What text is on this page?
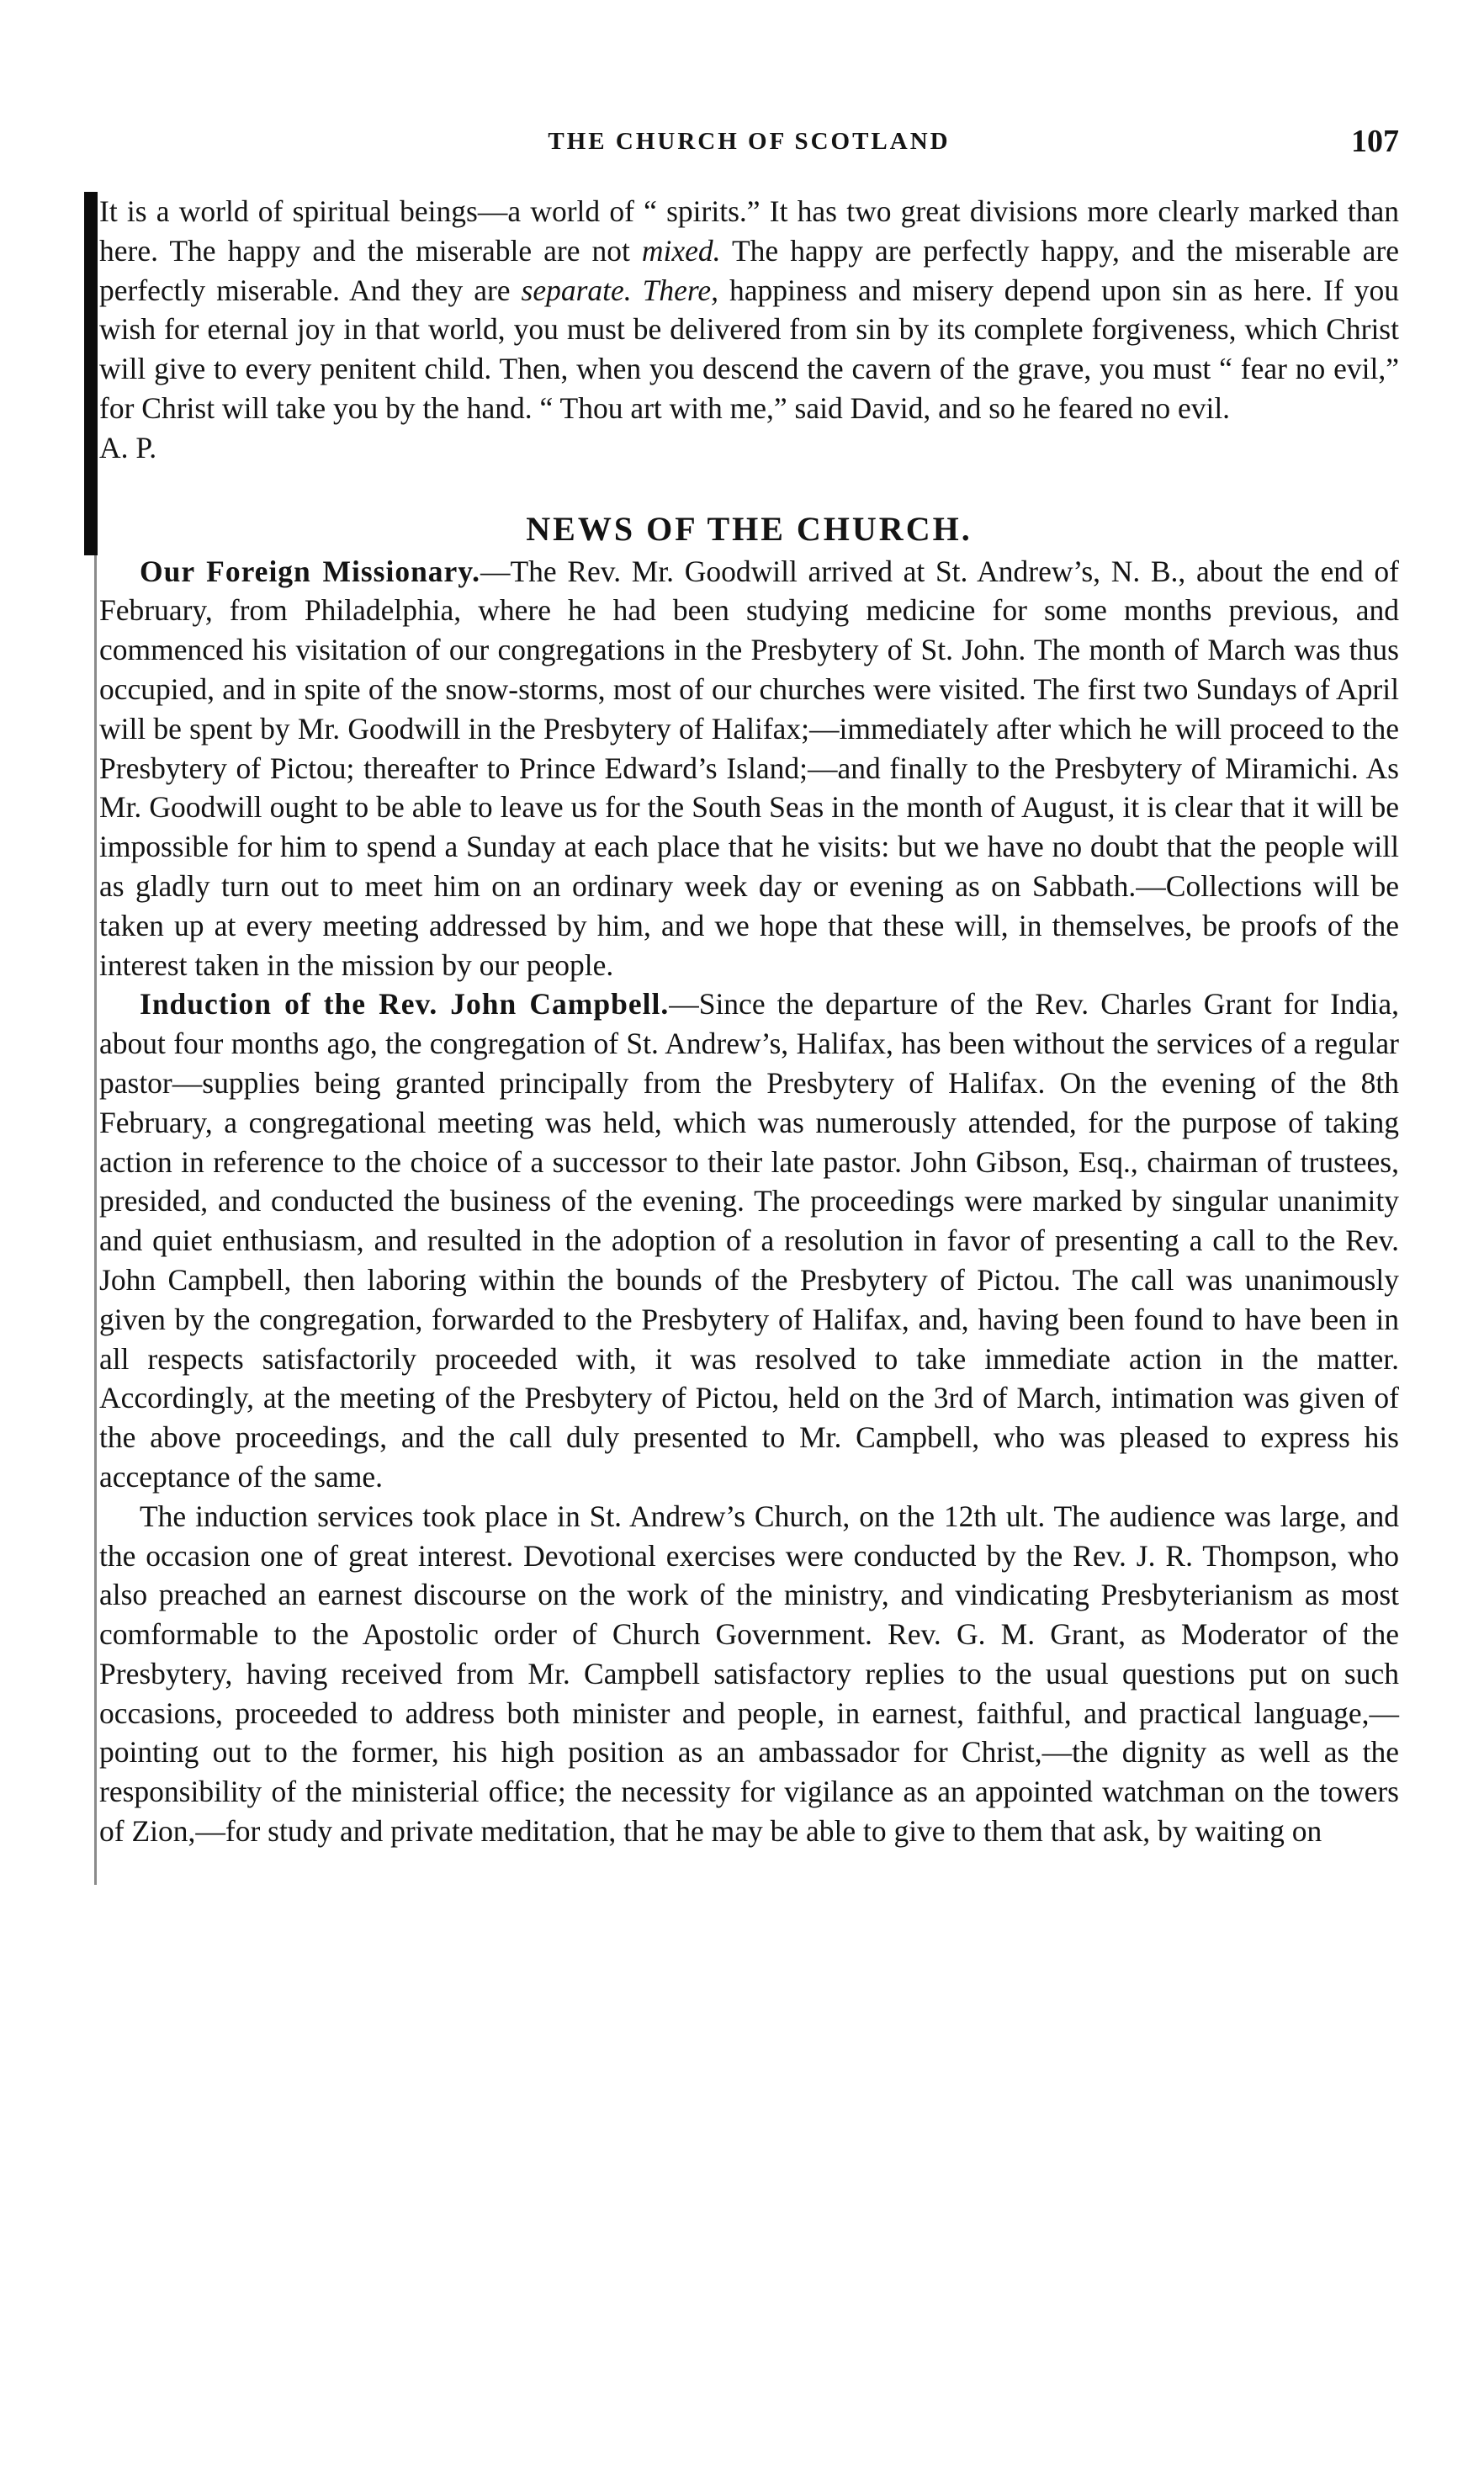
THE CHURCH OF SCOTLAND	107

It is a world of spiritual beings—a world of “ spirits.” It has two great divisions more clearly marked than here. The happy and the miserable are not mixed. The happy are perfectly happy, and the miserable are perfectly miserable. And they are separate. There, happiness and misery depend upon sin as here. If you wish for eternal joy in that world, you must be delivered from sin by its complete forgiveness, which Christ will give to every penitent child. Then, when you descend the cavern of the grave, you must “ fear no evil,” for Christ will take you by the hand. “ Thou art with me,” said David, and so he feared no evil.

A. P.

NEWS OF THE CHURCH.

Our Foreign Missionary.—The Rev. Mr. Goodwill arrived at St. Andrew’s, N. B., about the end of February, from Philadelphia, where he had been studying medicine for some months previous, and commenced his visitation of our congregations in the Presbytery of St. John. The month of March was thus occupied, and in spite of the snow-storms, most of our churches were visited. The first two Sundays of April will be spent by Mr. Goodwill in the Presbytery of Halifax;—immediately after which he will proceed to the Presbytery of Pictou; thereafter to Prince Edward’s Island;—and finally to the Presbytery of Miramichi. As Mr. Goodwill ought to be able to leave us for the South Seas in the month of August, it is clear that it will be impossible for him to spend a Sunday at each place that he visits: but we have no doubt that the people will as gladly turn out to meet him on an ordinary week day or evening as on Sabbath.—Collections will be taken up at every meeting addressed by him, and we hope that these will, in themselves, be proofs of the interest taken in the mission by our people.

Induction of the Rev. John Campbell.—Since the departure of the Rev. Charles Grant for India, about four months ago, the congregation of St. Andrew’s, Halifax, has been without the services of a regular pastor—supplies being granted principally from the Presbytery of Halifax. On the evening of the 8th February, a congregational meeting was held, which was numerously attended, for the purpose of taking action in reference to the choice of a successor to their late pastor. John Gibson, Esq., chairman of trustees, presided, and conducted the business of the evening. The proceedings were marked by singular unanimity and quiet enthusiasm, and resulted in the adoption of a resolution in favor of presenting a call to the Rev. John Campbell, then laboring within the bounds of the Presbytery of Pictou. The call was unanimously given by the congregation, forwarded to the Presbytery of Halifax, and, having been found to have been in all respects satisfactorily proceeded with, it was resolved to take immediate action in the matter. Accordingly, at the meeting of the Presbytery of Pictou, held on the 3rd of March, intimation was given of the above proceedings, and the call duly presented to Mr. Campbell, who was pleased to express his acceptance of the same.

The induction services took place in St. Andrew’s Church, on the 12th ult. The audience was large, and the occasion one of great interest. Devotional exercises were conducted by the Rev. J. R. Thompson, who also preached an earnest discourse on the work of the ministry, and vindicating Presbyterianism as most comformable to the Apostolic order of Church Government. Rev. G. M. Grant, as Moderator of the Presbytery, having received from Mr. Campbell satisfactory replies to the usual questions put on such occasions, proceeded to address both minister and people, in earnest, faithful, and practical language,—pointing out to the former, his high position as an ambassador for Christ,—the dignity as well as the responsibility of the ministerial office; the necessity for vigilance as an appointed watchman on the towers of Zion,—for study and private meditation, that he may be able to give to them that ask, by waiting on
